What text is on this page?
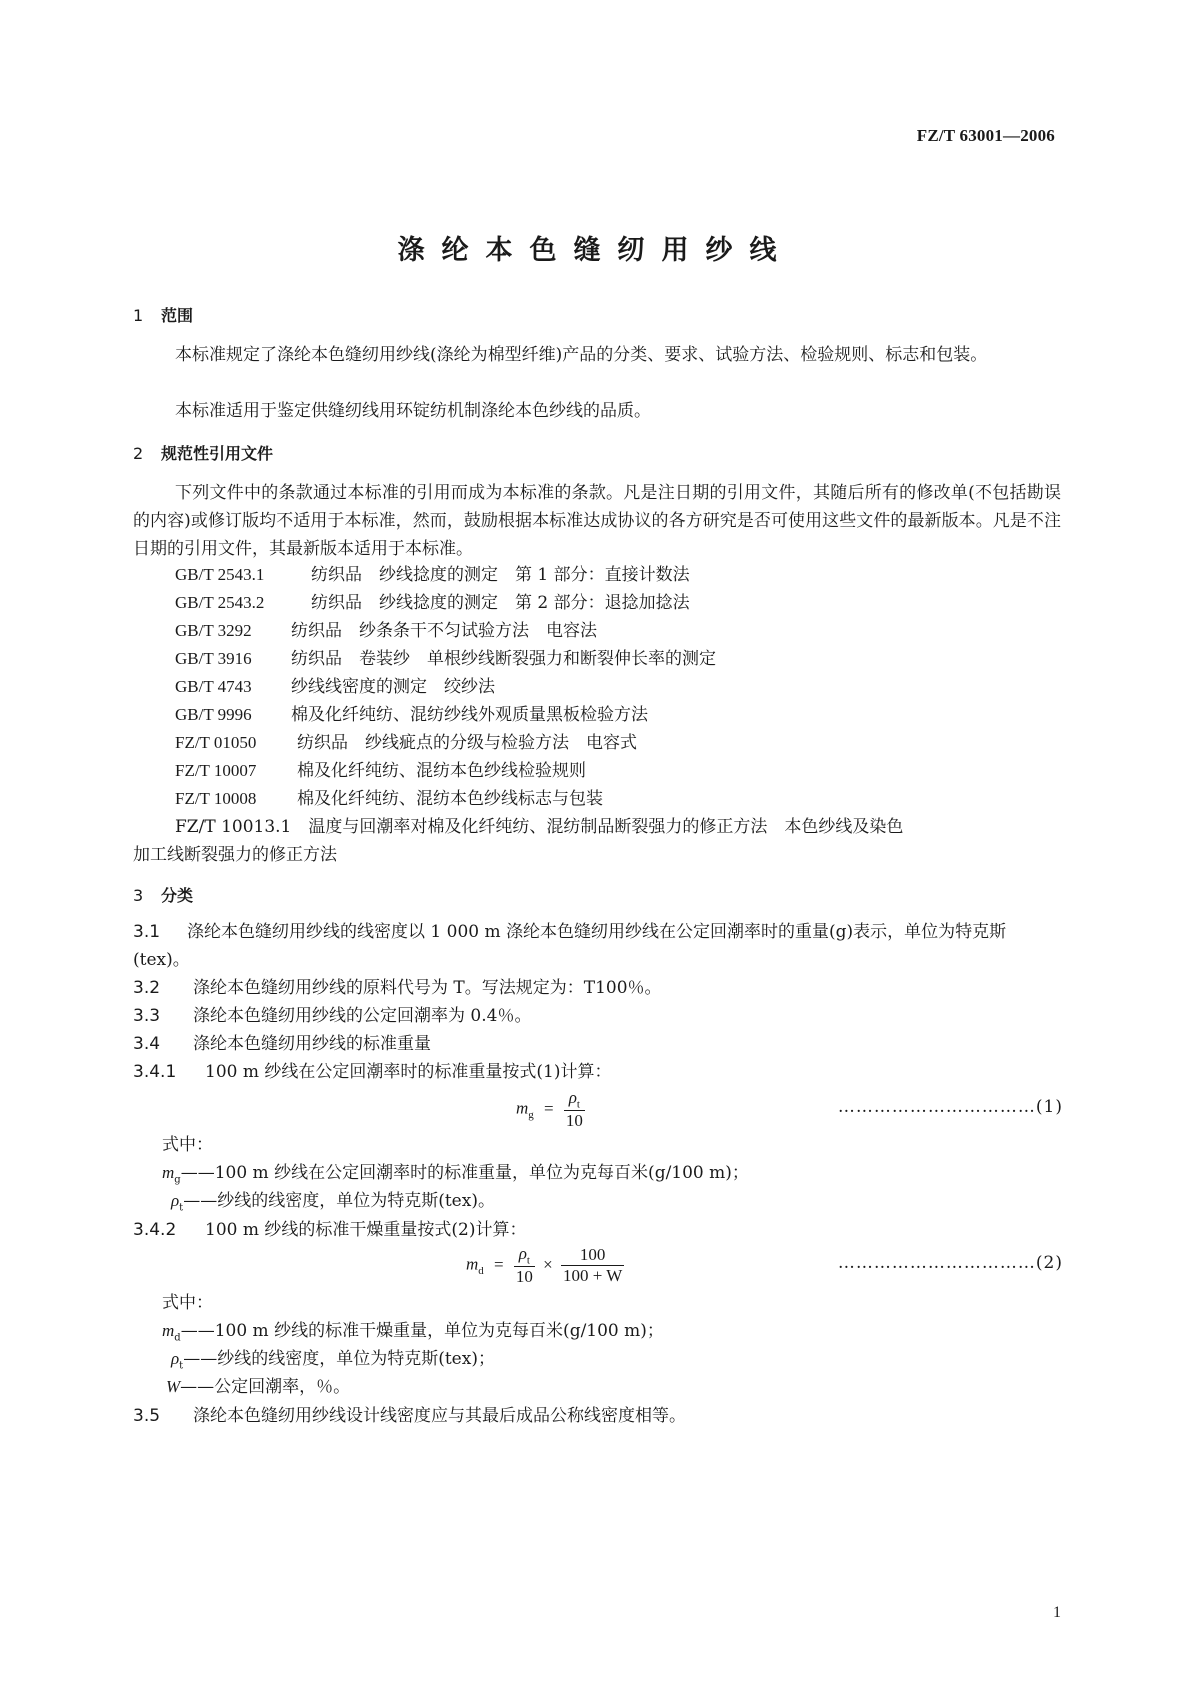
FZ/T 63001—2006
涤纶本色缝纫用纱线
1 范围
本标准规定了涤纶本色缝纫用纱线(涤纶为棉型纤维)产品的分类、要求、试验方法、检验规则、标志和包装。
本标准适用于鉴定供缝纫线用环锭纺机制涤纶本色纱线的品质。
2 规范性引用文件
下列文件中的条款通过本标准的引用而成为本标准的条款。凡是注日期的引用文件，其随后所有的修改单(不包括勘误的内容)或修订版均不适用于本标准，然而，鼓励根据本标准达成协议的各方研究是否可使用这些文件的最新版本。凡是不注日期的引用文件，其最新版本适用于本标准。
GB/T 2543.1	纺织品　纱线捻度的测定　第 1 部分：直接计数法
GB/T 2543.2	纺织品　纱线捻度的测定　第 2 部分：退捻加捻法
GB/T 3292 纺织品　纱条条干不匀试验方法　电容法
GB/T 3916 纺织品　卷装纱　单根纱线断裂强力和断裂伸长率的测定
GB/T 4743 纱线线密度的测定　绞纱法
GB/T 9996 棉及化纤纯纺、混纺纱线外观质量黑板检验方法
FZ/T 01050 纺织品　纱线疵点的分级与检验方法　电容式
FZ/T 10007 棉及化纤纯纺、混纺本色纱线检验规则
FZ/T 10008 棉及化纤纯纺、混纺本色纱线标志与包装
FZ/T 10013.1　温度与回潮率对棉及化纤纯纺、混纺制品断裂强力的修正方法　本色纱线及染色
加工线断裂强力的修正方法
3 分类
3.1 涤纶本色缝纫用纱线的线密度以 1 000 m 涤纶本色缝纫用纱线在公定回潮率时的重量(g)表示，单位为特克斯(tex)。
3.2 涤纶本色缝纫用纱线的原料代号为 T。写法规定为：T100％。
3.3 涤纶本色缝纫用纱线的公定回潮率为 0.4％。
3.4 涤纶本色缝纫用纱线的标准重量
3.4.1 100 m 纱线在公定回潮率时的标准重量按式(1)计算：
$m_g = \frac{\rho_t}{10}$	……………………………(1)
式中：
$m_g——100$ m 纱线在公定回潮率时的标准重量，单位为克每百米(g/100 m)；
$\rho_t——$纱线的线密度，单位为特克斯(tex)。
3.4.2 100 m 纱线的标准干燥重量按式(2)计算：
$m_d = \frac{\rho_t}{10} \times \frac{100}{100 + W}$	……………………………(2)
式中：
$m_d——100$ m 纱线的标准干燥重量，单位为克每百米(g/100 m)；
$\rho_t——$纱线的线密度，单位为特克斯(tex)；
W——公定回潮率，％。
3.5 涤纶本色缝纫用纱线设计线密度应与其最后成品公称线密度相等。
1
